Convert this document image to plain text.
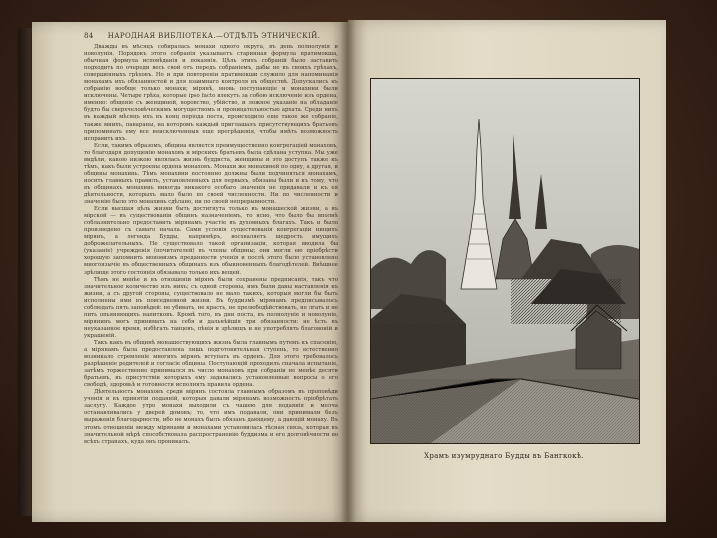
84 НАРОДНАЯ ВИБЛІОТЕКА.—ОТДѢЛЪ ЭТНИЧЕСКІЙ.

Дважды въ мѣсяцъ собиралась монахи одного округа, въ день полнолунія и новолунія. Порядокъ этого собранія указываетъ старинная формула пратимокша, обычная формула исповѣданія и покаянія. Цѣль этихъ собраній было заставить подходить по очереди весь свой отъ передъ собраніемъ, дабы не въ своихъ грѣхахъ, совершенныхъ грѣховъ. Но и при повтореніи пратимокши служило для напоминанія монахамъ ихъ обязанностей и для взаимнаго контроля въ обществѣ. Допускались къ собранію вообще только монахи; мірянѣ, вновь поступающіе и монахини были исключены. Четыре грѣха, которые ipso facto влекутъ за собою исключеніе изъ ордена, именно: общеніе съ женщиной, воровство, убійство, и ложное указаніе на обладаніе будто бы сверхчеловѣческимъ могуществомъ и проницательностью архата. Среди нихъ въ каждый мѣсяцъ ихъ въ конц періода поста, происходило еще такое же собраніе, также мнихъ, павараны, на которомъ каждый приглашалъ присутствующихъ братьевъ припоминать ему все неисключенныя еще прегрѣшенія, чтобы имѣть возможность исправить ихъ.

Если, такимъ образомъ, общинa является преимущественно конгрегаціей монаховъ, то благодаря допущенію монаховъ и мірскихъ братьевъ была сдѣлана уступка. Мы уже видѣли, какою низкою являлась жизнь буддиста, женщины и это доступъ также къ тѣмъ, какъ были устроены ордена монаховъ. Монахи же монахиней по одну, а другая, и общины монахинь. Тѣмъ монахини постоянно должны были подчиняться монахамъ, носить главныхъ правилъ, установленныхъ для первыхъ, обязаны были и къ тому, что въ общинахъ монахинь никогда никакого особаго значенія не придавали и къ ея дѣятельности, которыхъ мало было по своей численности. Ни по численности и значенію было это монахинь сдѣлано, ни по своей непрерывности.

Если высшая цѣль жизни быть достигнута только въ монашеской жизни, а въ мірской — въ существованіи общинъ назначеніемъ, то ясно, что было бы вполнѣ соблазнительно предоставить мірянамъ участіе въ духовныхъ благахъ. Такъ и было произведено съ самаго начала. Сами условія существованія конгрегаціи нищихъ мірянъ, а легенда Будды, напримѣръ, восхваляетъ щедрость имущихъ доброжелательныхъ. Не существовало такой организаціи, которая вводила бы (указаніе) учрежденія (почитателей) въ члены общины; они могли ею пріобрѣсти хорошую запомнить моноѳизмъ преданности ученія и послѣ этого было установлено многоязычіе въ общественныхъ общинахъ изъ обыкновенныхъ благодѣтелей. Внѣшнее зрѣлище этого состоянія обязывало только ихъ вещей.

Тѣмъ не менѣе и въ отношеніи мірянъ были сохранены предписанія, такъ что значительное количество изъ нихъ; съ одной стороны, имъ были даны наставленія къ жизни, а съ другой стороны, существовало не мало такихъ, которыя могли бы быть исполнены ими въ повседневной жизни. Въ буддизмѣ мірянамъ предписывалось соблюдать пять заповѣдей: не убивать, не красть, не прелюбодѣйствовать, не лгать и не пить опьяняющихъ напитковъ. Кромѣ того, въ дни поста, въ полнолуніе и новолуніе, мірянинъ могъ принимать на себя и дальнѣйшія три обязанности: не ѣсть въ неуказанное время, избѣгать танцевъ, пѣнія и зрѣлищъ и не употреблять благовоній и украшеній.

Такъ какъ въ общинѣ монашествующихъ жизнь была главнымъ путемъ къ спасенію, а мірянамъ была предоставлена лишь подготовительная ступень, то естественно возникало стремленіе многихъ мірянъ вступать въ орденъ. Для этого требовалось разрѣшеніе родителей и согласіе общины. Поступающій проходилъ сначала испытаніе, затѣмъ торжественно принимался въ число монаховъ при собраніи не менѣе десяти братьевъ, въ присутствіи которыхъ ему задавались установленные вопросы о его свободѣ, здоровьѣ и готовности исполнять правила ордена.

Дѣятельность монаховъ среди мірянъ состояла главнымъ образомъ въ проповѣди ученія и въ принятіи подаяній, которыя давали мірянамъ возможность пріобрѣтать заслугу. Каждое утро монахи выходили съ чашею для подаянія и молча останавливались у дверей домовъ; то, что имъ подавали, они принимали безъ выраженія благодарности, ибо не монахъ былъ обязанъ дающему, а дающій монаху. Въ этомъ отношеніи между мірянами и монахами установилась тѣсная связь, которая въ значительной мѣрѣ способствовала распространенію буддизма и его долговѣчности во всѣхъ странахъ, куда онъ проникалъ.

Храмъ изумруднаго Будды въ Бангкокѣ.
